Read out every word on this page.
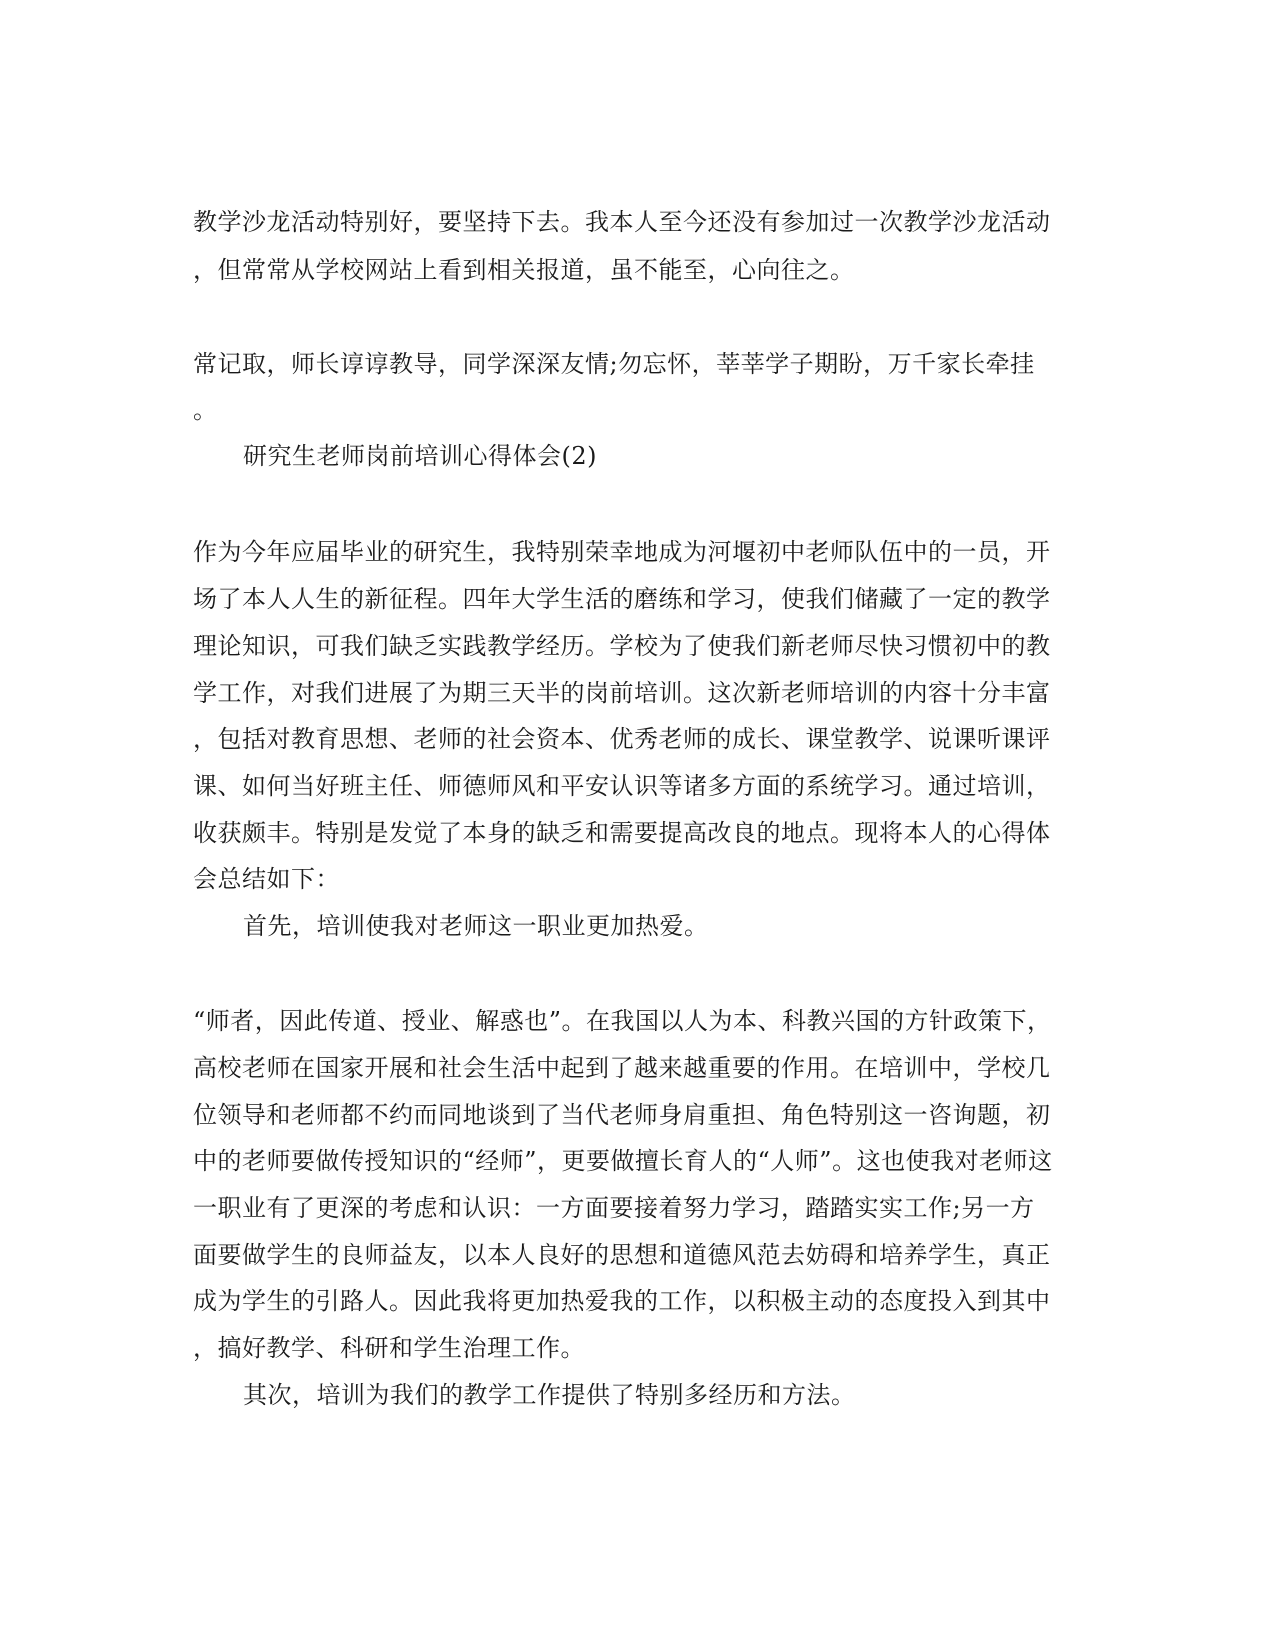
教学沙龙活动特别好，要坚持下去。我本人至今还没有参加过一次教学沙龙活动
，但常常从学校网站上看到相关报道，虽不能至，心向往之。
常记取，师长谆谆教导，同学深深友情;勿忘怀，莘莘学子期盼，万千家长牵挂
。
研究生老师岗前培训心得体会(2)
作为今年应届毕业的研究生，我特别荣幸地成为河堰初中老师队伍中的一员，开
场了本人人生的新征程。四年大学生活的磨练和学习，使我们储藏了一定的教学
理论知识，可我们缺乏实践教学经历。学校为了使我们新老师尽快习惯初中的教
学工作，对我们进展了为期三天半的岗前培训。这次新老师培训的内容十分丰富
，包括对教育思想、老师的社会资本、优秀老师的成长、课堂教学、说课听课评
课、如何当好班主任、师德师风和平安认识等诸多方面的系统学习。通过培训，
收获颇丰。特别是发觉了本身的缺乏和需要提高改良的地点。现将本人的心得体
会总结如下：
首先，培训使我对老师这一职业更加热爱。
“师者，因此传道、授业、解惑也”。在我国以人为本、科教兴国的方针政策下，
高校老师在国家开展和社会生活中起到了越来越重要的作用。在培训中，学校几
位领导和老师都不约而同地谈到了当代老师身肩重担、角色特别这一咨询题，初
中的老师要做传授知识的“经师”，更要做擅长育人的“人师”。这也使我对老师这
一职业有了更深的考虑和认识：一方面要接着努力学习，踏踏实实工作;另一方
面要做学生的良师益友，以本人良好的思想和道德风范去妨碍和培养学生，真正
成为学生的引路人。因此我将更加热爱我的工作，以积极主动的态度投入到其中
，搞好教学、科研和学生治理工作。
其次，培训为我们的教学工作提供了特别多经历和方法。
